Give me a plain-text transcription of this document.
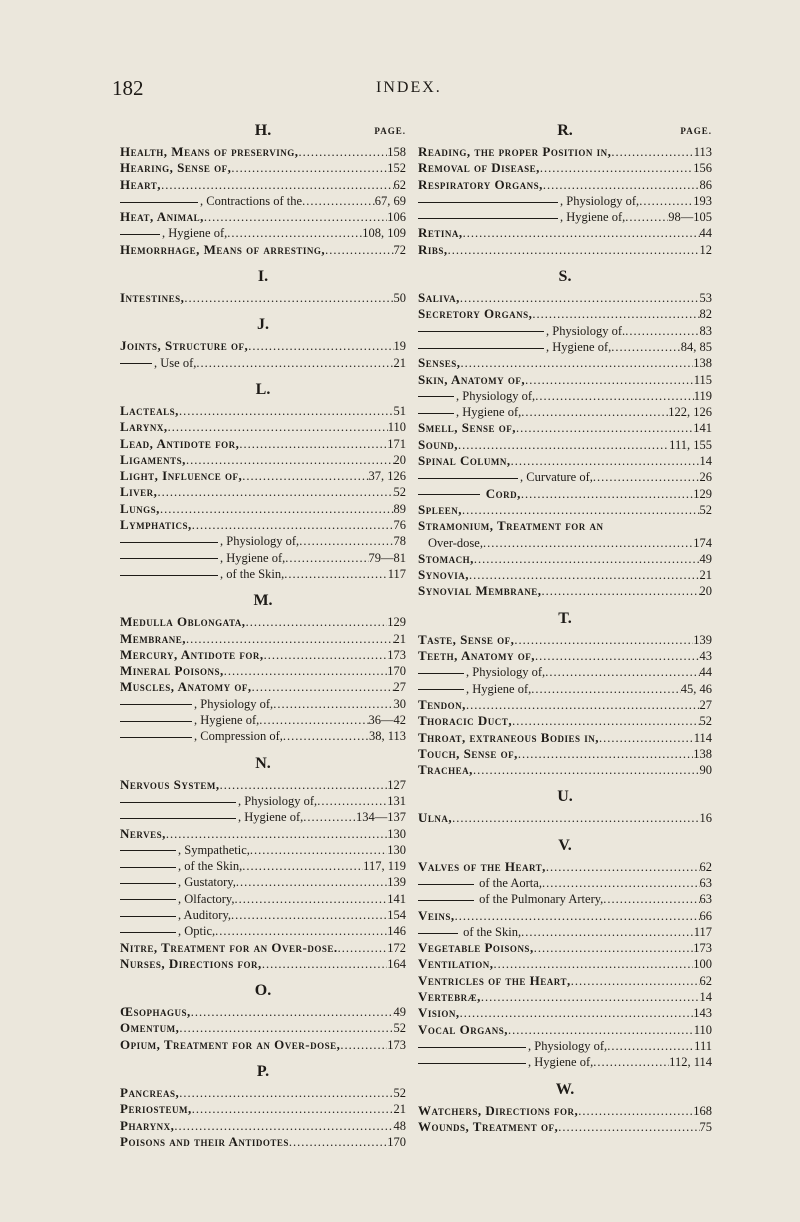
182	INDEX.
H.	PAGE.
Health, Means of preserving, .....	158
Hearing, Sense of, .....	152
Heart, .....	62
, Contractions of the .....	67, 69
Heat, Animal, .....	106
, Hygiene of, .....	108, 109
Hemorrhage, Means of arresting, .....	72
I.
Intestines, .....	50
J.
Joints, Structure of, .....	19
, Use of, .....	21
L.
Lacteals, .....	51
Larynx, .....	110
Lead, Antidote for, .....	171
Ligaments, .....	20
Light, Influence of, .....	37, 126
Liver, .....	52
Lungs, .....	89
Lymphatics, .....	76
, Physiology of, .....	78
, Hygiene of, .....	79—81
, of the Skin, .....	117
M.
Medulla Oblongata, .....	129
Membrane, .....	21
Mercury, Antidote for, .....	173
Mineral Poisons, .....	170
Muscles, Anatomy of, .....	27
, Physiology of, .....	30
, Hygiene of, .....	36—42
, Compression of, .....	38, 113
N.
Nervous System, .....	127
, Physiology of, .....	131
, Hygiene of, .....	134—137
Nerves, .....	130
, Sympathetic, .....	130
, of the Skin, .....	117, 119
, Gustatory, .....	139
, Olfactory, .....	141
, Auditory, .....	154
, Optic, .....	146
Nitre, Treatment for an Over-dose. .....	172
Nurses, Directions for, .....	164
O.
Œsophagus, .....	49
Omentum, .....	52
Opium, Treatment for an Over-dose, .....	173
P.
Pancreas, .....	52
Periosteum, .....	21
Pharynx, .....	48
Poisons and their Antidotes .....	170
R.	PAGE.
Reading, the proper Position in, .....	113
Removal of Disease, .....	156
Respiratory Organs, .....	86
, Physiology of, .....	193
, Hygiene of, .....	98—105
Retina, .....	44
Ribs, .....	12
S.
Saliva, .....	53
Secretory Organs, .....	82
, Physiology of. .....	83
, Hygiene of, .....	84, 85
Senses, .....	138
Skin, Anatomy of, .....	115
, Physiology of, .....	119
, Hygiene of, .....	122, 126
Smell, Sense of, .....	141
Sound, .....	111, 155
Spinal Column, .....	14
, Curvature of, .....	26
Cord, .....	129
Spleen, .....	52
Stramonium, Treatment for an
Over-dose, .....	174
Stomach, .....	49
Synovia, .....	21
Synovial Membrane, .....	20
T.
Taste, Sense of, .....	139
Teeth, Anatomy of, .....	43
, Physiology of, .....	44
, Hygiene of, .....	45, 46
Tendon, .....	27
Thoracic Duct, .....	52
Throat, extraneous Bodies in, .....	114
Touch, Sense of, .....	138
Trachea, .....	90
U.
Ulna, .....	16
V.
Valves of the Heart, .....	62
of the Aorta, .....	63
of the Pulmonary Artery, .....	63
Veins, .....	66
of the Skin, .....	117
Vegetable Poisons, .....	173
Ventilation, .....	100
Ventricles of the Heart, .....	62
Vertebræ, .....	14
Vision, .....	143
Vocal Organs, .....	110
, Physiology of, .....	111
, Hygiene of, .....	112, 114
W.
Watchers, Directions for, .....	168
Wounds, Treatment of, .....	75
